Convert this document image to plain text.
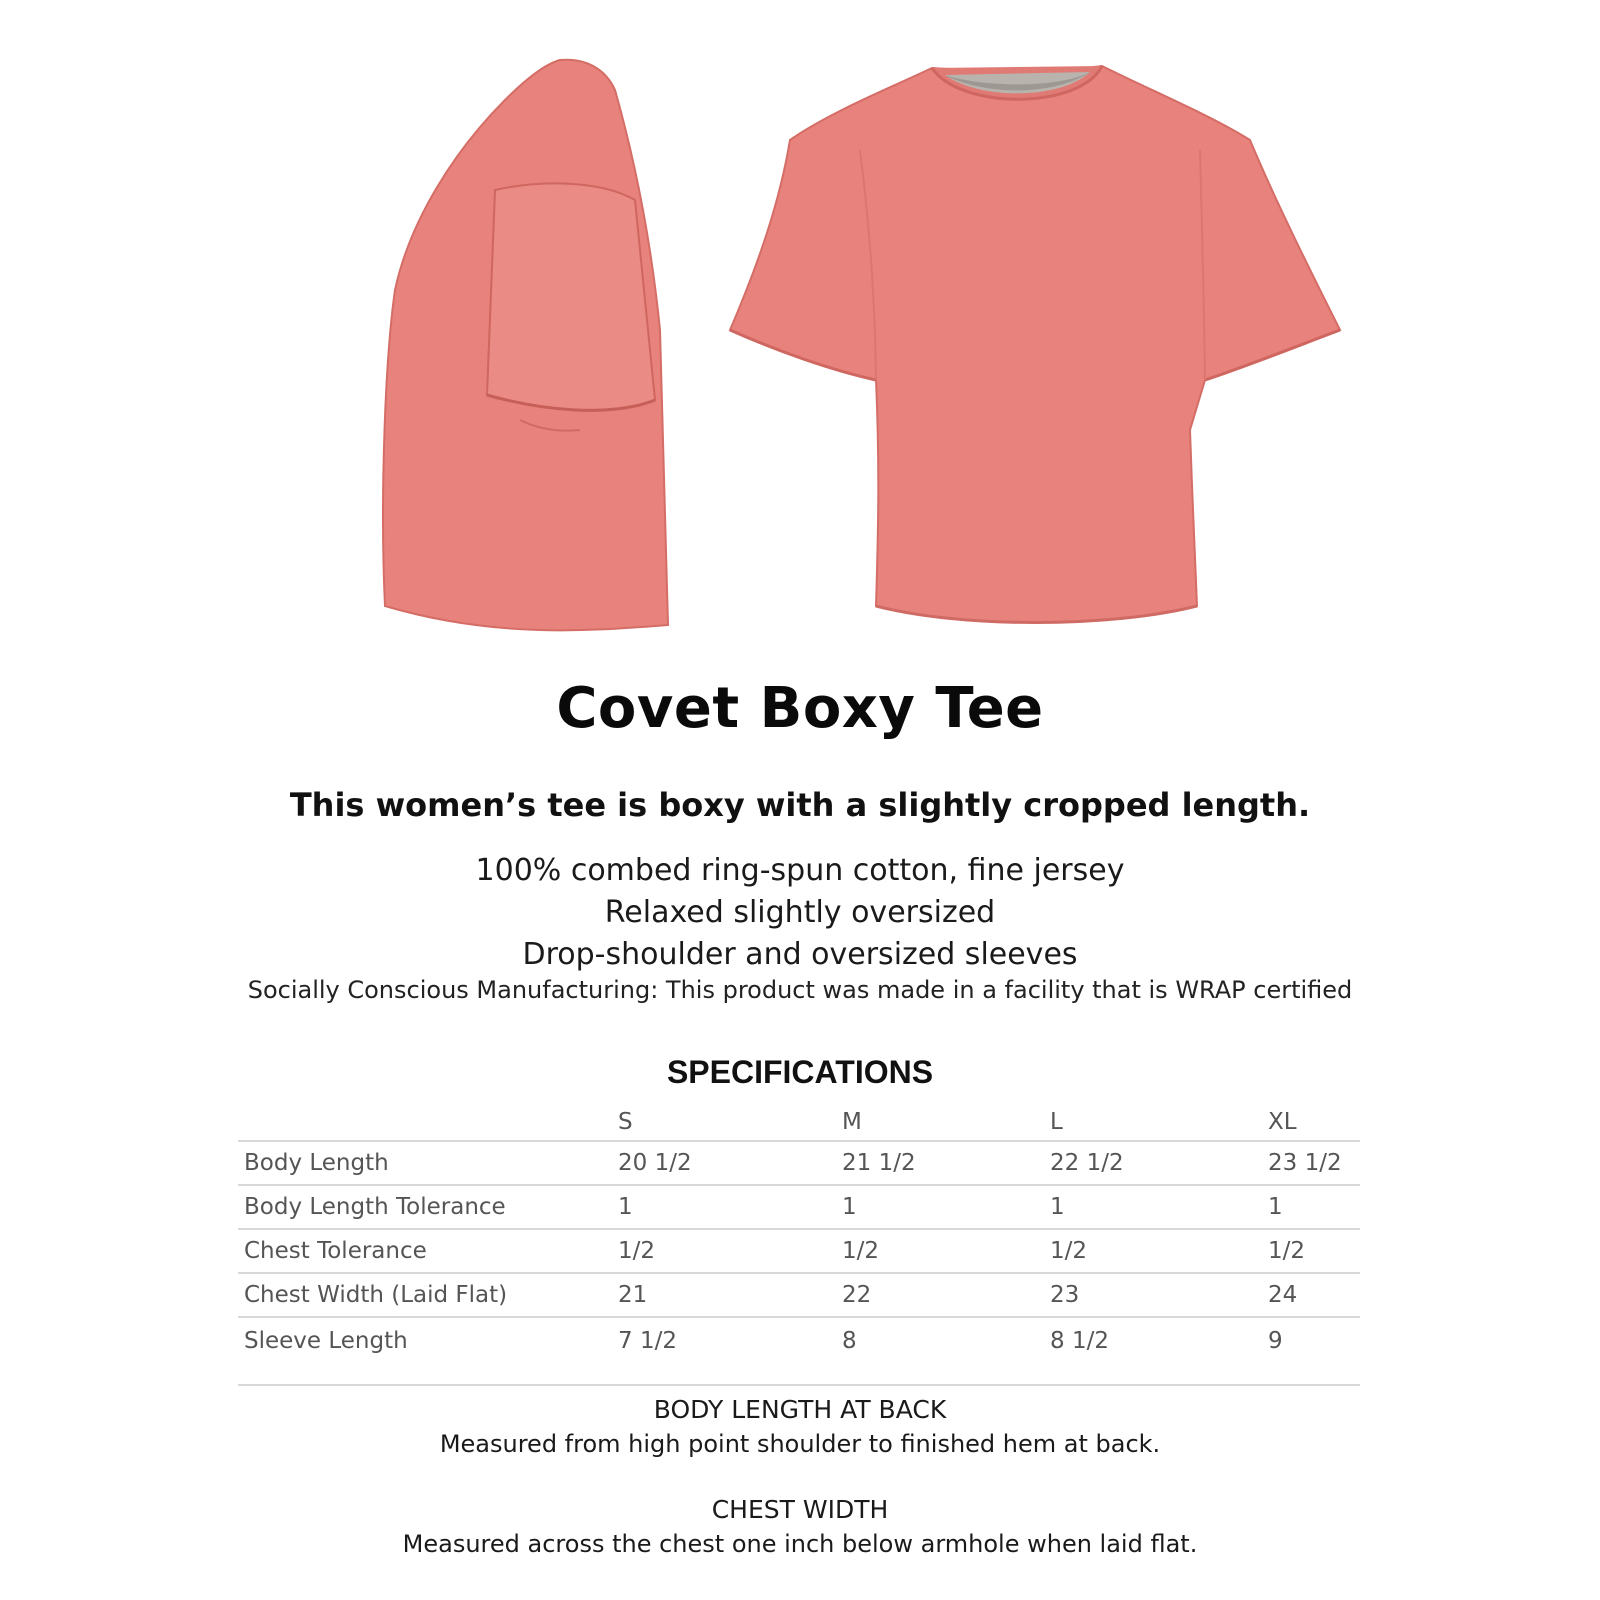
Covet Boxy Tee
This women’s tee is boxy with a slightly cropped length.
100% combed ring-spun cotton, fine jersey
Relaxed slightly oversized
Drop-shoulder and oversized sleeves
Socially Conscious Manufacturing: This product was made in a facility that is WRAP certified
SPECIFICATIONS
	S	M	L	XL
Body Length	20 1/2	21 1/2	22 1/2	23 1/2
Body Length Tolerance	1	1	1	1
Chest Tolerance	1/2	1/2	1/2	1/2
Chest Width (Laid Flat)	21	22	23	24
Sleeve Length	7 1/2	8	8 1/2	9
BODY LENGTH AT BACK
Measured from high point shoulder to finished hem at back.
CHEST WIDTH
Measured across the chest one inch below armhole when laid flat.
